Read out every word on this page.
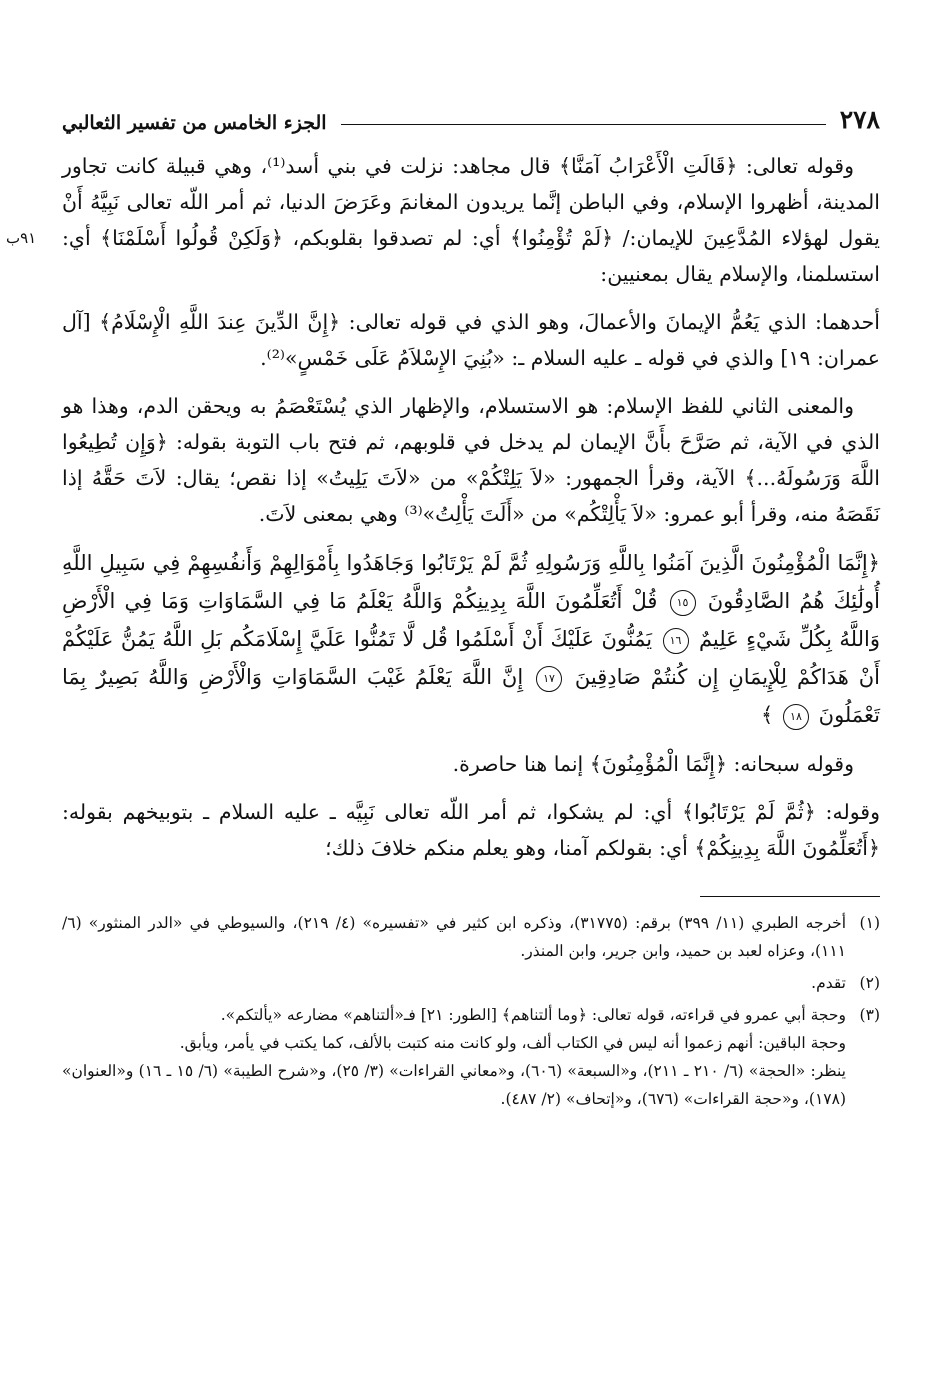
٢٧٨
الجزء الخامس من تفسير الثعالبي

وقوله تعالى: ﴿قَالَتِ الْأَعْرَابُ آمَنَّا﴾ قال مجاهد: نزلت في بني أسد⁽¹⁾، وهي قبيلة كانت تجاور المدينة، أظهروا الإسلام، وفي الباطن إنَّما يريدون المغانمَ وعَرَضَ الدنيا، ثم أمر اللّه تعالى نَبِيَّهُ أَنْ يقول لهؤلاء المُدَّعِينَ للإيمان:/ ﴿لَمْ تُؤْمِنُوا﴾ أي: لم تصدقوا بقلوبكم، ﴿وَلَكِنْ قُولُوا أَسْلَمْنَا﴾ أي: استسلمنا، والإسلام يقال بمعنيين:
٩١ب

أحدهما: الذي يَعُمُّ الإيمانَ والأعمالَ، وهو الذي في قوله تعالى: ﴿إِنَّ الدِّينَ عِندَ اللَّهِ الْإِسْلَامُ﴾ [آل عمران: ١٩] والذي في قوله ـ عليه السلام ـ: «بُنِيَ الإِسْلاَمُ عَلَى خَمْسٍ»⁽²⁾.

والمعنى الثاني للفظ الإسلام: هو الاستسلام، والإظهار الذي يُسْتَعْصَمُ به ويحقن الدم، وهذا هو الذي في الآية، ثم صَرَّحَ بأَنَّ الإيمان لم يدخل في قلوبهم، ثم فتح باب التوبة بقوله: ﴿وَإِن تُطِيعُوا اللَّهَ وَرَسُولَهُ...﴾ الآية، وقرأ الجمهور: «لاَ يَلِتْكُمْ» من «لاَتَ يَلِيتُ» إذا نقص؛ يقال: لاَتَ حَقَّهُ إذا نَقَصَهُ منه، وقرأ أبو عمرو: «لاَ يَأْلِتْكُم» من «أَلَتَ يَأْلِتُ»⁽³⁾ وهي بمعنى لاَتَ.

﴿إِنَّمَا الْمُؤْمِنُونَ الَّذِينَ آمَنُوا بِاللَّهِ وَرَسُولِهِ ثُمَّ لَمْ يَرْتَابُوا وَجَاهَدُوا بِأَمْوَالِهِمْ وَأَنفُسِهِمْ فِي سَبِيلِ اللَّهِ أُولَٰئِكَ هُمُ الصَّادِقُونَ ١٥ قُلْ أَتُعَلِّمُونَ اللَّهَ بِدِينِكُمْ وَاللَّهُ يَعْلَمُ مَا فِي السَّمَاوَاتِ وَمَا فِي الْأَرْضِ وَاللَّهُ بِكُلِّ شَيْءٍ عَلِيمٌ ١٦ يَمُنُّونَ عَلَيْكَ أَنْ أَسْلَمُوا قُل لَّا تَمُنُّوا عَلَيَّ إِسْلَامَكُم بَلِ اللَّهُ يَمُنُّ عَلَيْكُمْ أَنْ هَدَاكُمْ لِلْإِيمَانِ إِن كُنتُمْ صَادِقِينَ ١٧ إِنَّ اللَّهَ يَعْلَمُ غَيْبَ السَّمَاوَاتِ وَالْأَرْضِ وَاللَّهُ بَصِيرٌ بِمَا تَعْمَلُونَ ١٨ ﴾

وقوله سبحانه: ﴿إِنَّمَا الْمُؤْمِنُونَ﴾ إنما هنا حاصرة.

وقوله: ﴿ثُمَّ لَمْ يَرْتَابُوا﴾ أي: لم يشكوا، ثم أمر اللّه تعالى نَبِيَّه ـ عليه السلام ـ بتوبيخهم بقوله: ﴿أَتُعَلِّمُونَ اللَّهَ بِدِينِكُمْ﴾ أي: بقولكم آمنا، وهو يعلم منكم خلافَ ذلك؛

(١)

أخرجه الطبري (١١/ ٣٩٩) برقم: (٣١٧٧٥)، وذكره ابن كثير في «تفسيره» (٤/ ٢١٩)، والسيوطي في «الدر المنثور» (٦/ ١١١)، وعزاه لعبد بن حميد، وابن جرير، وابن المنذر.

(٢)

تقدم.

(٣)

وحجة أبي عمرو في قراءته، قوله تعالى: ﴿وما ألتناهم﴾ [الطور: ٢١] فـ«ألتناهم» مضارعه «يألتكم».

وحجة الباقين: أنهم زعموا أنه ليس في الكتاب ألف، ولو كانت منه كتبت بالألف، كما يكتب في يأمر، ويأبق.

ينظر: «الحجة» (٦/ ٢١٠ ـ ٢١١)، و«السبعة» (٦٠٦)، و«معاني القراءات» (٣/ ٢٥)، و«شرح الطيبة» (٦/ ١٥ ـ ١٦) و«العنوان» (١٧٨)، و«حجة القراءات» (٦٧٦)، و«إتحاف» (٢/ ٤٨٧).
